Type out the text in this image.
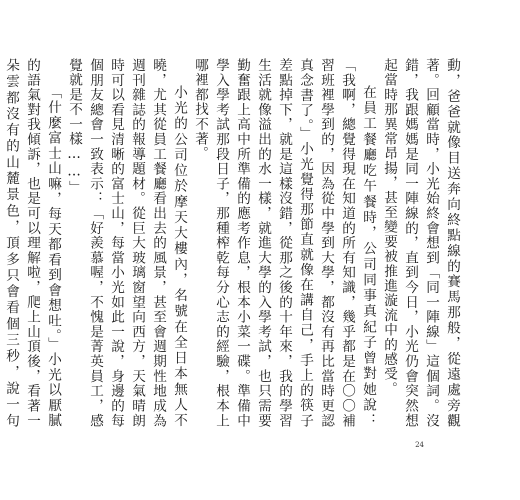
動，爸爸就像目送奔向終點線的賽馬那般，從遠處旁觀著。回顧當時，小光始終會想到「同一陣線」這個詞。沒錯，我跟媽媽是同一陣線的，直到今日，小光仍會突然想起當時那異常昂揚，甚至變要被推進漩流中的感受。

在員工餐廳吃午餐時，公司同事真紀子曾對她說：「我啊，總覺得現在知道的所有知識，幾乎都是在〇〇補習班裡學到的，因為從中學到大學，都沒有再比當時更認真念書了。」小光覺得那節直就像在講自己，手上的筷子差點掉下，就是這樣沒錯，從那之後的十年來，我的學習生活就像溢出的水一樣，就進大學的入學考試，也只需要勤奮跟上高中所準備的應考作息，根本小菜一碟。準備中學入學考試那段日子，那種榨乾每分心志的經驗，根本上哪裡都找不著。

小光的公司位於摩天大樓內，名號在全日本無人不曉，尤其從員工餐廳看出去的風景，甚至會週期性地成為週刊雜誌的報導題材。從巨大玻璃窗望向西方，天氣晴朗時可以看見清晰的富士山，每當小光如此一說，身邊的每個朋友總會一致表示：「好羨慕喔，不愧是菁英員工，感覺就是不一樣……」

「什麼富士山嘛，每天都看到會想吐。」小光以厭膩的語氣對我傾訴，也是可以理解啦，爬上山頂後，看著一朵雲都沒有的山麓景色，頂多只會看個三秒，說一句

24
